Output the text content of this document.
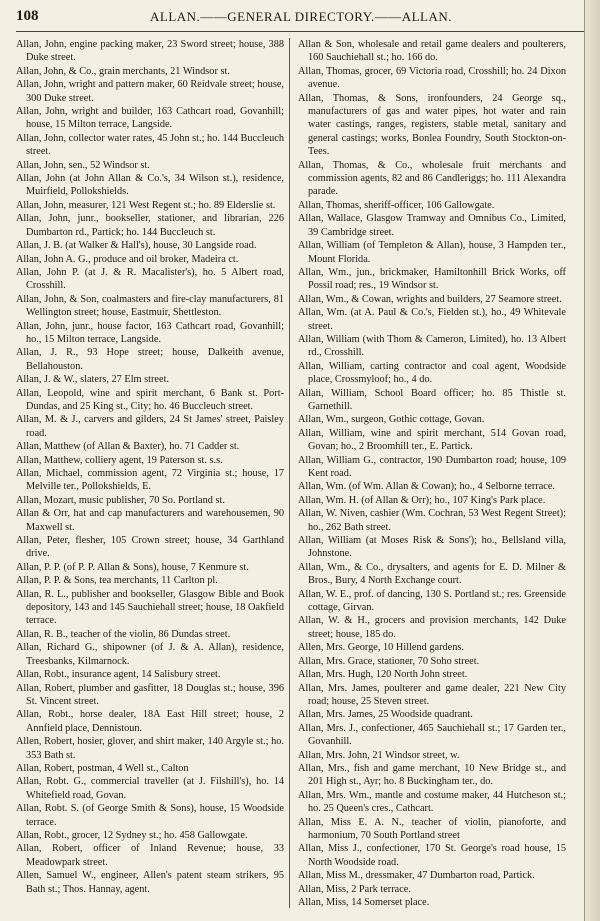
108	ALLAN.——GENERAL DIRECTORY.——ALLAN.

Allan, John, engine packing maker, 23 Sword street; house, 388 Duke street.

Allan, John, & Co., grain merchants, 21 Windsor st.

Allan, John, wright and pattern maker, 60 Reidvale street; house, 300 Duke street.

Allan, John, wright and builder, 163 Cathcart road, Govanhill; house, 15 Milton terrace, Langside.

Allan, John, collector water rates, 45 John st.; ho. 144 Buccleuch street.

Allan, John, sen., 52 Windsor st.

Allan, John (at John Allan & Co.'s, 34 Wilson st.), residence, Muirfield, Pollokshields.

Allan, John, measurer, 121 West Regent st.; ho. 89 Elderslie st.

Allan, John, junr., bookseller, stationer, and librarian, 226 Dumbarton rd., Partick; ho. 144 Buccleuch st.

Allan, J. B. (at Walker & Hall's), house, 30 Langside road.

Allan, John A. G., produce and oil broker, Madeira ct.

Allan, John P. (at J. & R. Macalister's), ho. 5 Albert road, Crosshill.

Allan, John, & Son, coalmasters and fire-clay manufacturers, 81 Wellington street; house, Eastmuir, Shettleston.

Allan, John, junr., house factor, 163 Cathcart road, Govanhill; ho., 15 Milton terrace, Langside.

Allan, J. R., 93 Hope street; house, Dalkeith avenue, Bellahouston.

Allan, J. & W., slaters, 27 Elm street.

Allan, Leopold, wine and spirit merchant, 6 Bank st. Port-Dundas, and 25 King st., City; ho. 46 Buccleuch street.

Allan, M. & J., carvers and gilders, 24 St James' street, Paisley road.

Allan, Matthew (of Allan & Baxter), ho. 71 Cadder st.

Allan, Matthew, colliery agent, 19 Paterson st. s.s.

Allan, Michael, commission agent, 72 Virginia st.; house, 17 Melville ter., Pollokshields, E.

Allan, Mozart, music publisher, 70 So. Portland st.

Allan & Orr, hat and cap manufacturers and warehousemen, 90 Maxwell st.

Allan, Peter, flesher, 105 Crown street; house, 34 Garthland drive.

Allan, P. P. (of P. P. Allan & Sons), house, 7 Kenmure st.

Allan, P. P. & Sons, tea merchants, 11 Carlton pl.

Allan, R. L., publisher and bookseller, Glasgow Bible and Book depository, 143 and 145 Sauchiehall street; house, 18 Oakfield terrace.

Allan, R. B., teacher of the violin, 86 Dundas street.

Allan, Richard G., shipowner (of J. & A. Allan), residence, Treesbanks, Kilmarnock.

Allan, Robt., insurance agent, 14 Salisbury street.

Allan, Robert, plumber and gasfitter, 18 Douglas st.; house, 396 St. Vincent street.

Allan, Robt., horse dealer, 18A East Hill street; house, 2 Annfield place, Dennistoun.

Allen, Robert, hosier, glover, and shirt maker, 140 Argyle st.; ho. 353 Bath st.

Allan, Robert, postman, 4 Well st., Calton

Allan, Robt. G., commercial traveller (at J. Filshill's), ho. 14 Whitefield road, Govan.

Allan, Robt. S. (of George Smith & Sons), house, 15 Woodside terrace.

Allan, Robt., grocer, 12 Sydney st.; ho. 458 Gallowgate.

Allan, Robert, officer of Inland Revenue; house, 33 Meadowpark street.

Allen, Samuel W., engineer, Allen's patent steam strikers, 95 Bath st.; Thos. Hannay, agent.

Allan & Son, wholesale and retail game dealers and poulterers, 160 Sauchiehall st.; ho. 166 do.

Allan, Thomas, grocer, 69 Victoria road, Crosshill; ho. 24 Dixon avenue.

Allan, Thomas, & Sons, ironfounders, 24 George sq., manufacturers of gas and water pipes, hot water and rain water castings, ranges, registers, stable metal, sanitary and general castings; works, Bonlea Foundry, South Stockton-on-Tees.

Allan, Thomas, & Co., wholesale fruit merchants and commission agents, 82 and 86 Candleriggs; ho. 111 Alexandra parade.

Allan, Thomas, sheriff-officer, 106 Gallowgate.

Allan, Wallace, Glasgow Tramway and Omnibus Co., Limited, 39 Cambridge street.

Allan, William (of Templeton & Allan), house, 3 Hampden ter., Mount Florida.

Allan, Wm., jun., brickmaker, Hamiltonhill Brick Works, off Possil road; res., 19 Windsor st.

Allan, Wm., & Cowan, wrights and builders, 27 Seamore street.

Allan, Wm. (at A. Paul & Co.'s, Fielden st.), ho., 49 Whitevale street.

Allan, William (with Thom & Cameron, Limited), ho. 13 Albert rd., Crosshill.

Allan, William, carting contractor and coal agent, Woodside place, Crossmyloof; ho., 4 do.

Allan, William, School Board officer; ho. 85 Thistle st. Garnethill.

Allan, Wm., surgeon, Gothic cottage, Govan.

Allan, William, wine and spirit merchant, 514 Govan road, Govan; ho., 2 Broomhill ter., E. Partick.

Allan, William G., contractor, 190 Dumbarton road; house, 109 Kent road.

Allan, Wm. (of Wm. Allan & Cowan); ho., 4 Selborne terrace.

Allan, Wm. H. (of Allan & Orr); ho., 107 King's Park place.

Allan, W. Niven, cashier (Wm. Cochran, 53 West Regent Street); ho., 262 Bath street.

Allan, William (at Moses Risk & Sons'); ho., Bellsland villa, Johnstone.

Allan, Wm., & Co., drysalters, and agents for E. D. Milner & Bros., Bury, 4 North Exchange court.

Allan, W. E., prof. of dancing, 130 S. Portland st.; res. Greenside cottage, Girvan.

Allan, W. & H., grocers and provision merchants, 142 Duke street; house, 185 do.

Allen, Mrs. George, 10 Hillend gardens.

Allan, Mrs. Grace, stationer, 70 Soho street.

Allan, Mrs. Hugh, 120 North John street.

Allan, Mrs. James, poulterer and game dealer, 221 New City road; house, 25 Steven street.

Allan, Mrs. James, 25 Woodside quadrant.

Allan, Mrs. J., confectioner, 465 Sauchiehall st.; 17 Garden ter., Govanhill.

Allan, Mrs. John, 21 Windsor street, w.

Allan, Mrs., fish and game merchant, 10 New Bridge st., and 201 High st., Ayr; ho. 8 Buckingham ter., do.

Allan, Mrs. Wm., mantle and costume maker, 44 Hutcheson st.; ho. 25 Queen's cres., Cathcart.

Allan, Miss E. A. N., teacher of violin, pianoforte, and harmonium, 70 South Portland street

Allan, Miss J., confectioner, 170 St. George's road house, 15 North Woodside road.

Allan, Miss M., dressmaker, 47 Dumbarton road, Partick.

Allan, Miss, 2 Park terrace.

Allan, Miss, 14 Somerset place.
